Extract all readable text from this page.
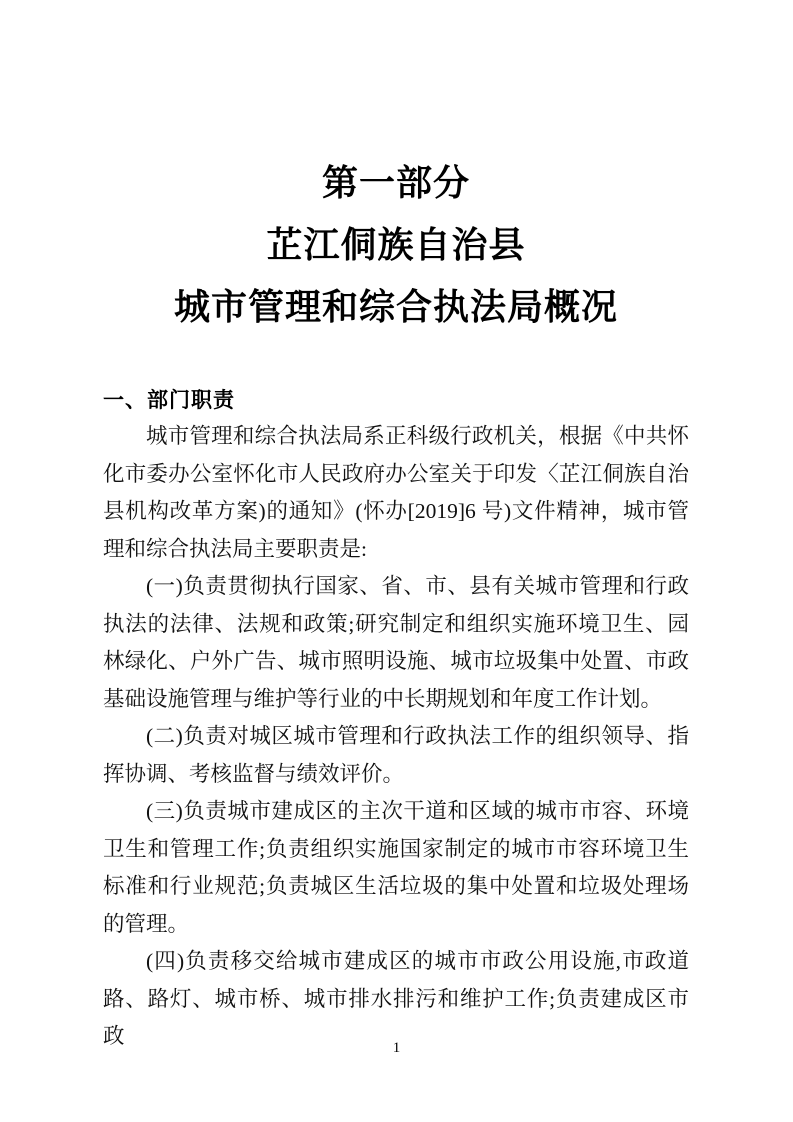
第一部分
芷江侗族自治县
城市管理和综合执法局概况
一、部门职责

城市管理和综合执法局系正科级行政机关，根据《中共怀化市委办公室怀化市人民政府办公室关于印发〈芷江侗族自治县机构改革方案)的通知》(怀办[2019]6 号)文件精神，城市管理和综合执法局主要职责是:

(一)负责贯彻执行国家、省、市、县有关城市管理和行政执法的法律、法规和政策;研究制定和组织实施环境卫生、园林绿化、户外广告、城市照明设施、城市垃圾集中处置、市政基础设施管理与维护等行业的中长期规划和年度工作计划。

(二)负责对城区城市管理和行政执法工作的组织领导、指挥协调、考核监督与绩效评价。

(三)负责城市建成区的主次干道和区域的城市市容、环境卫生和管理工作;负责组织实施国家制定的城市市容环境卫生标准和行业规范;负责城区生活垃圾的集中处置和垃圾处理场的管理。

(四)负责移交给城市建成区的城市市政公用设施,市政道路、路灯、城市桥、城市排水排污和维护工作;负责建成区市政	1
